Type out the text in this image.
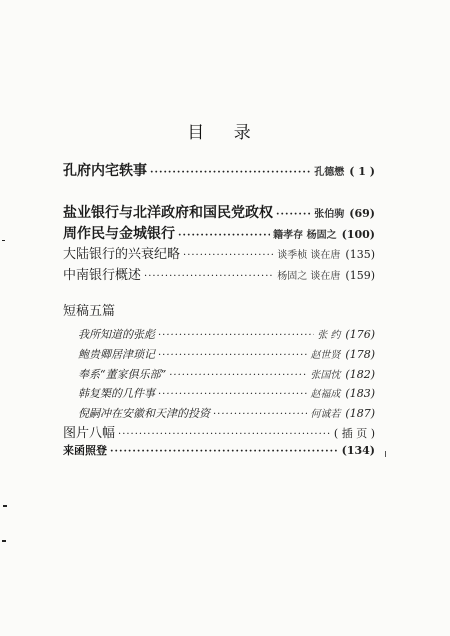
目 录
孔府内宅轶事 ·····	孔德懋 ( 1 )
盐业银行与北洋政府和国民党政权 ·····	张伯驹 (69)
周作民与金城银行 ·····	籍孝存 杨固之 (100)
大陆银行的兴衰纪略 ·····	谈季桢 谈在唐 (135)
中南银行概述 ·····	杨固之 谈在唐 (159)
短稿五篇
我所知道的张彪 ·····	张 约 (176)
鲍贵卿居津琐记 ·····	赵世贤 (178)
奉系“董家俱乐部” ·····	张国忱 (182)
韩复榘的几件事 ·····	赵福成 (183)
倪嗣冲在安徽和天津的投资 ·····	何诚若 (187)
图片八幅 ·····	( 插 页 )
来函照登 ·····	(134)
